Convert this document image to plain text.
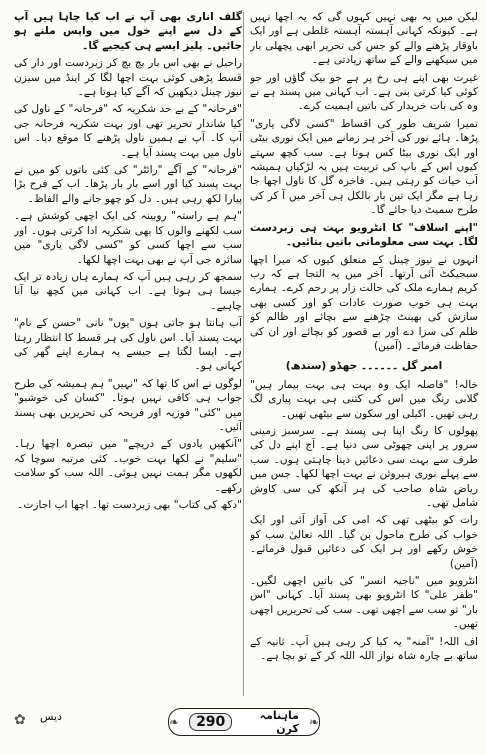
لیکن میں یہ بھی نہیں کہوں گی کہ یہ اچھا نہیں ہے۔ کیونکہ کہانی آہستہ آہستہ غلطی ہے اور ایک باوقار پڑھنے والے کو جس کی تحریر ابھی پچھلی بار میں سیکھنے والے کے ساتھ زیادتی ہے۔

غیرت بھی اپنے ہی رخ پر ہے جو بیک گاؤں اور جو کوئی کیا کرتی بنی ہے۔ اب کہانی میں پسند ہے نے وہ کی بات خریدار کی باتیں اہمیت کرے۔

تمیرا شریف طور کی اقساط "کسی لاگی یاری" پڑھا۔ ہائے نور کی آخر ہر زمانے میں ایک نوری بیٹی اور ایک نوری بیٹا کس ہوتا ہے۔ سب کچھ سہتے کیوں اس کے باپ کی تربیت ہیں یہ لڑکیاں ہمیشہ آب حیات کو رہتی ہیں۔ فاخرہ گل کا ناول اچھا جا رہا ہے مگر ایک تین بار بالکل ہی آخر میں آ کر کی طرح سمیٹ دیا جائے گا۔

"اپنے اسلاف" کا انٹرویو بہت ہی زبردست لگا۔ بہت سی معلوماتی باتیں بتائیں۔

انہوں نے نیوز چینل کے متعلق کیوں کہ میرا اچھا سبجیکٹ آئی آرتھا۔ آخر میں یہ التجا ہے کہ رب کریم ہمارے ملک کی حالت زار پر رحم کرے۔ ہمارے بہت ہی خوب صورت عادات کو اور کسی بھی سازش کی بھینٹ چڑھنے سے بچائے اور ظالم کو ظلم کی سزا دے اور بے قصور کو بچائے اور ان کی حفاظت فرمائے۔ (آمین)

امبر گل ۔۔۔۔۔۔ جھڈو (سندھ)

خالہ! "فاصلہ ایک وہ بہت ہی بہت بیمار ہیں" گلابی رنگ میں اس کی کتنی ہی بہت پیاری لگ رہی تھیں۔ اکیلی اور سکون سے بیٹھی تھیں۔

پھولوں کا رنگ اپنا ہی پسند ہے۔ سرسبز زمینی سرور پر اپنی چھوٹی سی دنیا ہے۔ آج اپنے دل کی طرف سے بہت سی دعائیں دینا چاہتی ہوں۔ سب سے پہلے نوری ہیروئن نے بہت اچھا لکھا۔ جس میں ریاض شاہ صاحب کی ہر آنکھ کی سی کاوش شامل تھی۔

رات کو بیٹھی تھی کہ امی کی آواز آئی اور ایک خواب کی طرح ماحول بن گیا۔ اللہ تعالیٰ سب کو خوش رکھے اور ہر ایک کی دعائیں قبول فرمائے۔ (آمین)

انٹرویو میں "ناجیہ انسر" کی باتیں اچھی لگیں۔ "ظفر علی" کا انٹرویو بھی پسند آیا۔ کہانی "اس بار" تو سب سے اچھی تھی۔ سب کی تحریریں اچھی تھیں۔

اف اللہ! "آمنہ" یہ کیا کر رہی ہیں آپ۔ ثانیہ کے ساتھ بے چارہ شاہ نواز اللہ اللہ کر کے تو بچا ہے۔

گلف اناری بھی آپ نے اب کیا چاہا ہیں آپ کے دل سے اپنے خول میں واپس ملنے ہو جائیں۔ پلیز ایسے ہی کیجیے گا۔

راحیل نے بھی اس بار بچ بچ کر زبردست اور دار کی قسط پڑھی کوئی بہت اچھا لگا کر اینڈ میں سیزن نیوز چینل دیکھیں کہ آگے کیا ہوتا ہے۔

"فرحانہ" کے بے حد شکریہ کہ "فرحانہ" کے ناول کی کیا شاندار تحریر تھی اور بہت شکریہ فرحانہ جی آپ کا۔ آپ نے ہمیں ناول پڑھنے کا موقع دیا۔ اس ناول میں بہت پسند آیا ہے۔

"فرحانہ" کے آگے "رائٹر" کی کئی باتوں کو میں نے بہت پسند کیا اور اسے بار بار پڑھا۔ اب کے فرح بڑا پیارا لکھ رہی ہیں۔ دل کو چھو جانے والے الفاظ۔

"ہم ہے راستہ" روبینہ کی ایک اچھی کوشش ہے۔ سب لکھنے والوں کا بھی شکریہ ادا کرتی ہوں۔ اور سب سے اچھا کسی کو "کسی لاگی یاری" میں سائرہ جی آپ نے بھی بہت اچھا لکھا۔

سمجھ کر رہی ہیں آپ کہ ہمارے ہاں زیادہ تر ایک جیسا ہی ہوتا ہے۔ اب کہانی میں کچھ نیا آنا چاہیے۔

آب ہانتا ہو جاتی ہوں "یوں" نانی "حسن کے نام" بہت پسند آیا۔ اس ناول کی ہر قسط کا انتظار رہتا ہے۔ ایسا لگتا ہے جیسے یہ ہمارے اپنے گھر کی کہانی ہو۔

لوگوں نے اس کا تھا کہ "نہیں" ہم ہمیشہ کی طرح جواب ہی کافی نہیں ہوتا۔ "کسان کی خوشبو" میں "کئی" فوزیہ اور فریحہ کی تحریریں بھی پسند آئیں۔

"آنکھیں یادوں کے دریچے" میں تبصرہ اچھا رہا۔ "سلیم" نے لکھا بہت خوب۔ کئی مرتبہ سوچا کہ لکھوں مگر ہمت نہیں ہوئی۔ اللہ سب کو سلامت رکھے۔

"دکھ کی کتاب" بھی زبردست تھا۔ اچھا اب اجازت۔

✿ دیس	❧	290	ماہنامہ کرن ❧
